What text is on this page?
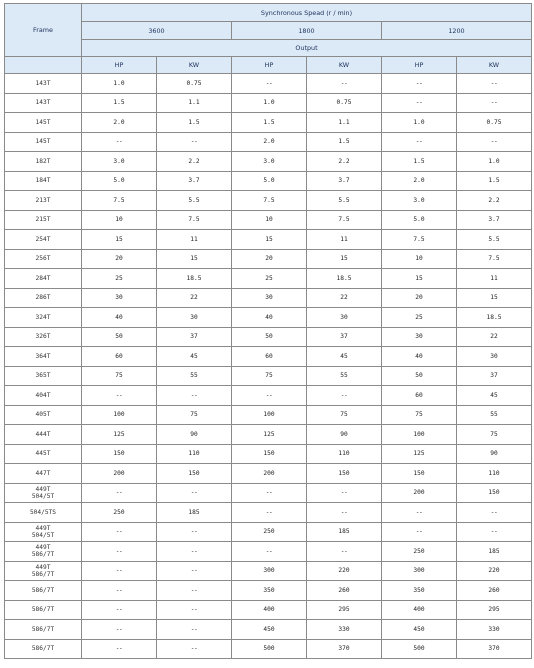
Frame	Synchronous Spead (r / min)					
	3600		1800		1200	
	Output					
	HP	KW	HP	KW	HP	KW
143T	1.0	0.75	--	--	--	--
143T	1.5	1.1	1.0	0.75	--	--
145T	2.0	1.5	1.5	1.1	1.0	0.75
145T	--	--	2.0	1.5	--	--
182T	3.0	2.2	3.0	2.2	1.5	1.0
184T	5.0	3.7	5.0	3.7	2.0	1.5
213T	7.5	5.5	7.5	5.5	3.0	2.2
215T	10	7.5	10	7.5	5.0	3.7
254T	15	11	15	11	7.5	5.5
256T	20	15	20	15	10	7.5
284T	25	18.5	25	18.5	15	11
286T	30	22	30	22	20	15
324T	40	30	40	30	25	18.5
326T	50	37	50	37	30	22
364T	60	45	60	45	40	30
365T	75	55	75	55	50	37
404T	--	--	--	--	60	45
405T	100	75	100	75	75	55
444T	125	90	125	90	100	75
445T	150	110	150	110	125	90
447T	200	150	200	150	150	110
449T
504/5T	--	--	--	--	200	150
504/5TS	250	185	--	--	--	--
449T
504/5T	--	--	250	185	--	--
449T
586/7T	--	--	--	--	250	185
449T
586/7T	--	--	300	220	300	220
586/7T	--	--	350	260	350	260
586/7T	--	--	400	295	400	295
586/7T	--	--	450	330	450	330
586/7T	--	--	500	370	500	370
